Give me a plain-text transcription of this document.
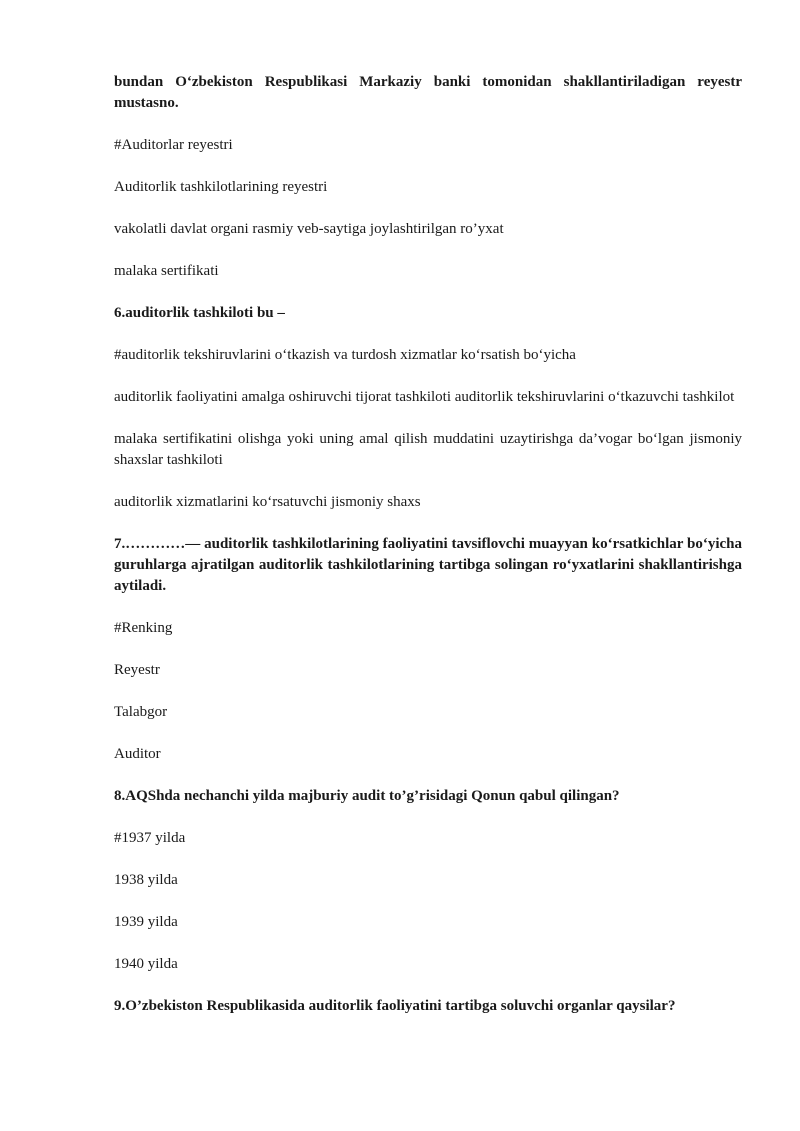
bundan O‘zbekiston Respublikasi Markaziy banki tomonidan shakllantiriladigan reyestr mustasno.

#Auditorlar reyestri

Auditorlik tashkilotlarining reyestri

vakolatli davlat organi rasmiy veb-saytiga joylashtirilgan ro’yxat

malaka sertifikati

6.auditorlik tashkiloti bu –

#auditorlik tekshiruvlarini o‘tkazish va turdosh xizmatlar ko‘rsatish bo‘yicha

auditorlik faoliyatini amalga oshiruvchi tijorat tashkiloti auditorlik tekshiruvlarini o‘tkazuvchi tashkilot

malaka sertifikatini olishga yoki uning amal qilish muddatini uzaytirishga da’vogar bo‘lgan jismoniy shaxslar tashkiloti

auditorlik xizmatlarini ko‘rsatuvchi jismoniy shaxs

7.…………— auditorlik tashkilotlarining faoliyatini tavsiflovchi muayyan ko‘rsatkichlar bo‘yicha guruhlarga ajratilgan auditorlik tashkilotlarining tartibga solingan ro‘yxatlarini shakllantirishga aytiladi.

#Renking

Reyestr

Talabgor

Auditor

8.AQShda nechanchi yilda majburiy audit to’g’risidagi Qonun qabul qilingan?

#1937 yilda

1938 yilda

1939 yilda

1940 yilda

9.O’zbekiston Respublikasida auditorlik faoliyatini tartibga soluvchi organlar qaysilar?
